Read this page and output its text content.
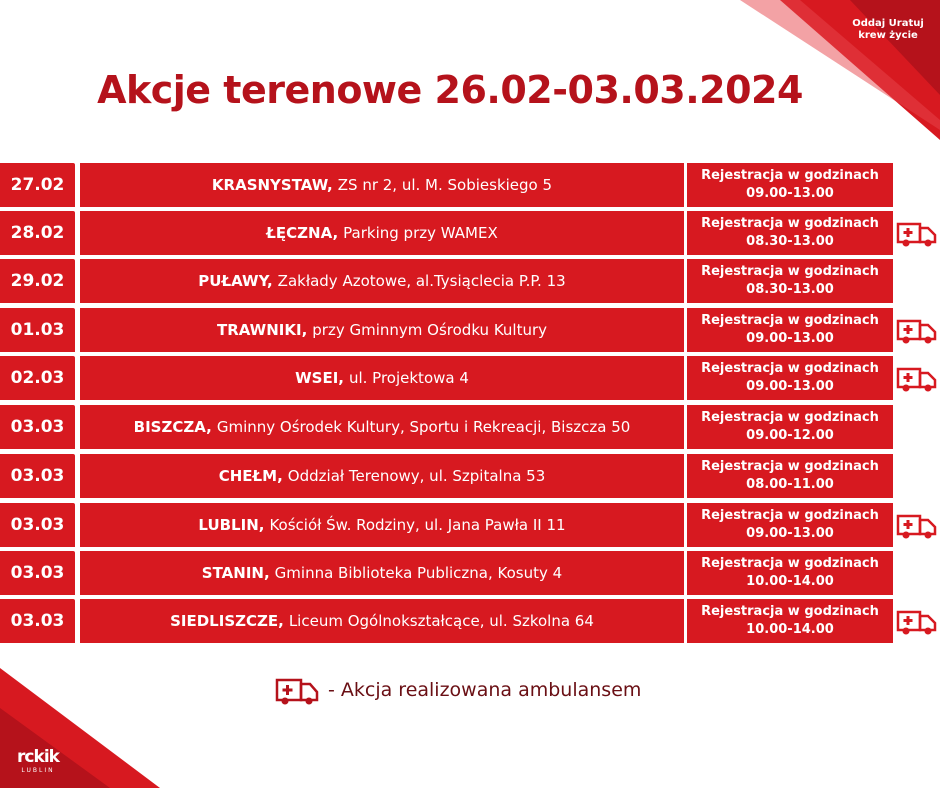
Oddaj Uratuj
krew życie
rckik
LUBLIN
Akcje terenowe 26.02-03.03.2024
27.02	KRASNYSTAW, ZS nr 2, ul. M. Sobieskiego 5
Rejestracja w godzinach
09.00-13.00
28.02	ŁĘCZNA, Parking przy WAMEX
Rejestracja w godzinach
08.30-13.00
29.02	PUŁAWY, Zakłady Azotowe, al.Tysiąclecia P.P. 13
Rejestracja w godzinach
08.30-13.00
01.03	TRAWNIKI, przy Gminnym Ośrodku Kultury
Rejestracja w godzinach
09.00-13.00
02.03	WSEI, ul. Projektowa 4
Rejestracja w godzinach
09.00-13.00
03.03	BISZCZA, Gminny Ośrodek Kultury, Sportu i Rekreacji, Biszcza 50
Rejestracja w godzinach
09.00-12.00
03.03	CHEŁM, Oddział Terenowy, ul. Szpitalna 53
Rejestracja w godzinach
08.00-11.00
03.03	LUBLIN, Kościół Św. Rodziny, ul. Jana Pawła II 11
Rejestracja w godzinach
09.00-13.00
03.03	STANIN, Gminna Biblioteka Publiczna, Kosuty 4
Rejestracja w godzinach
10.00-14.00
03.03	SIEDLISZCZE, Liceum Ogólnokształcące, ul. Szkolna 64
Rejestracja w godzinach
10.00-14.00
- Akcja realizowana ambulansem
